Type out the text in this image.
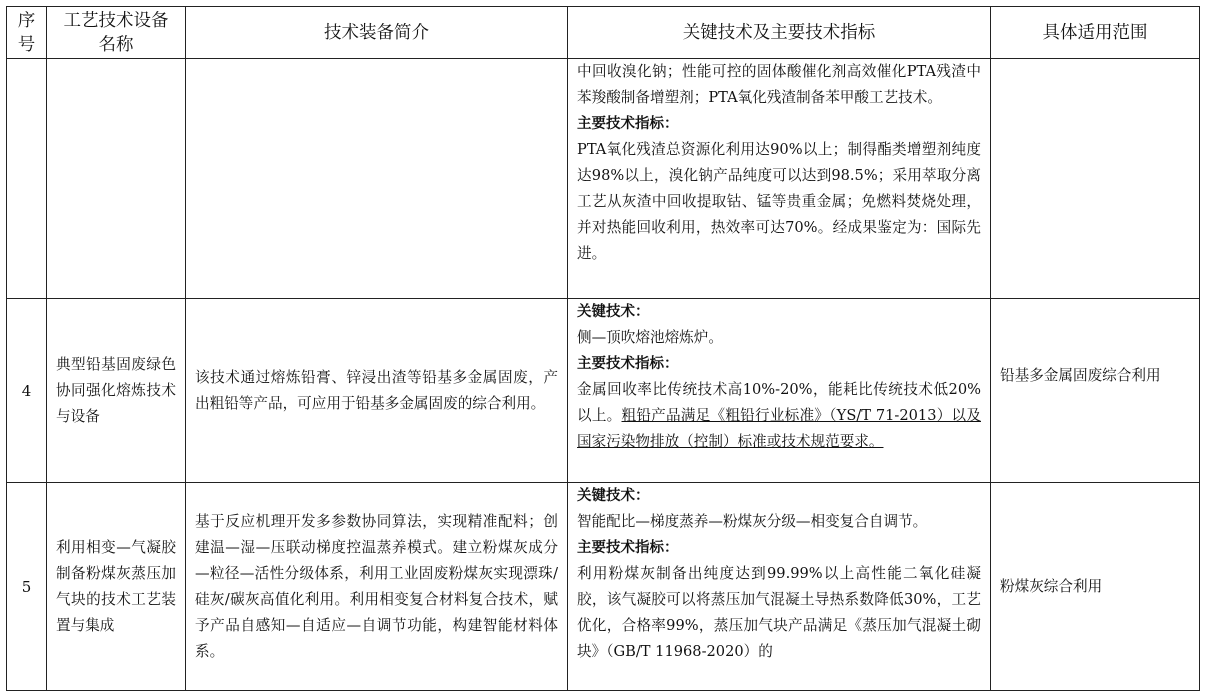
序号	工艺技术设备名称	技术装备简介	关键技术及主要技术指标	具体适用范围

			中回收溴化钠；性能可控的固体酸催化剂高效催化PTA残渣中苯羧酸制备增塑剂；PTA氧化残渣制备苯甲酸工艺技术。
主要技术指标：
PTA氧化残渣总资源化利用达90%以上；制得酯类增塑剂纯度达98%以上，溴化钠产品纯度可以达到98.5%；采用萃取分离工艺从灰渣中回收提取钴、锰等贵重金属；免燃料焚烧处理，并对热能回收利用，热效率可达70%。经成果鉴定为：国际先进。	

4	典型铅基固废绿色协同强化熔炼技术与设备	该技术通过熔炼铅膏、锌浸出渣等铅基多金属固废，产出粗铅等产品，可应用于铅基多金属固废的综合利用。	关键技术：
侧—顶吹熔池熔炼炉。
主要技术指标：
金属回收率比传统技术高10%-20%，能耗比传统技术低20%以上。粗铅产品满足《粗铅行业标准》（YS/T 71-2013）以及国家污染物排放（控制）标准或技术规范要求。	铅基多金属固废综合利用
5	利用相变—气凝胶制备粉煤灰蒸压加气块的技术工艺装置与集成	基于反应机理开发多参数协同算法，实现精准配料；创建温—湿—压联动梯度控温蒸养模式。建立粉煤灰成分—粒径—活性分级体系，利用工业固废粉煤灰实现漂珠/硅灰/碳灰高值化利用。利用相变复合材料复合技术，赋予产品自感知—自适应—自调节功能，构建智能材料体系。	关键技术：
智能配比—梯度蒸养—粉煤灰分级—相变复合自调节。
主要技术指标：
利用粉煤灰制备出纯度达到99.99%以上高性能二氧化硅凝胶，该气凝胶可以将蒸压加气混凝土导热系数降低30%，工艺优化，合格率99%，蒸压加气块产品满足《蒸压加气混凝土砌块》（GB/T 11968-2020）的	粉煤灰综合利用
